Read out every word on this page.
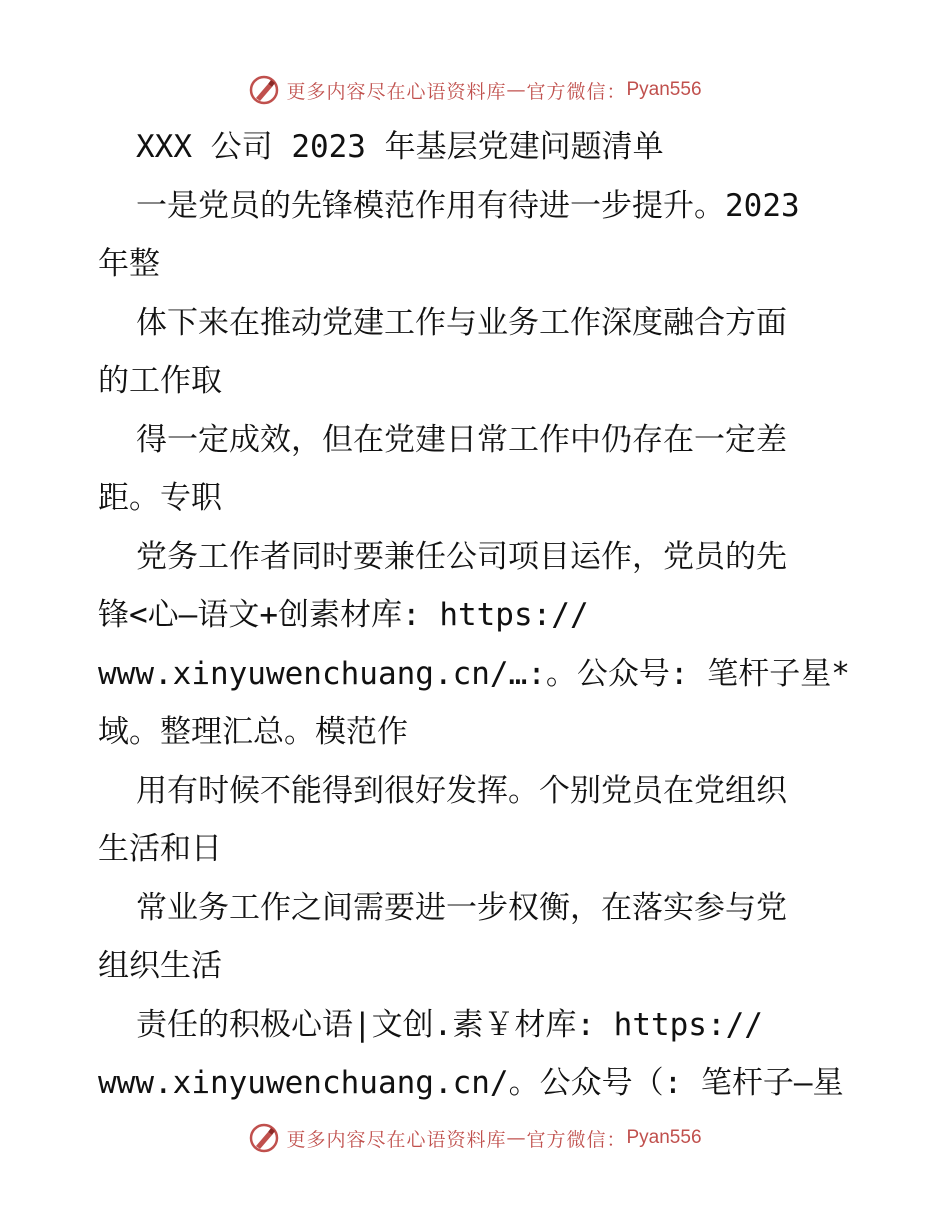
更多内容尽在心语资料库 — 官方微信： Pyan556
XXX 公司 2023 年基层党建问题清单
一是党员的先锋模范作用有待进一步提升。2023
年整
体下来在推动党建工作与业务工作深度融合方面
的工作取
得一定成效，但在党建日常工作中仍存在一定差
距。专职
党务工作者同时要兼任公司项目运作，党员的先
锋<心—语文+创素材库: https://
www.xinyuwenchuang.cn/…:。公众号: 笔杆子星*
域。整理汇总。模范作
用有时候不能得到很好发挥。个别党员在党组织
生活和日
常业务工作之间需要进一步权衡，在落实参与党
组织生活
责任的积极心语|文创.素￥材库: https://
www.xinyuwenchuang.cn/。公众号（: 笔杆子—星
更多内容尽在心语资料库 — 官方微信： Pyan556
